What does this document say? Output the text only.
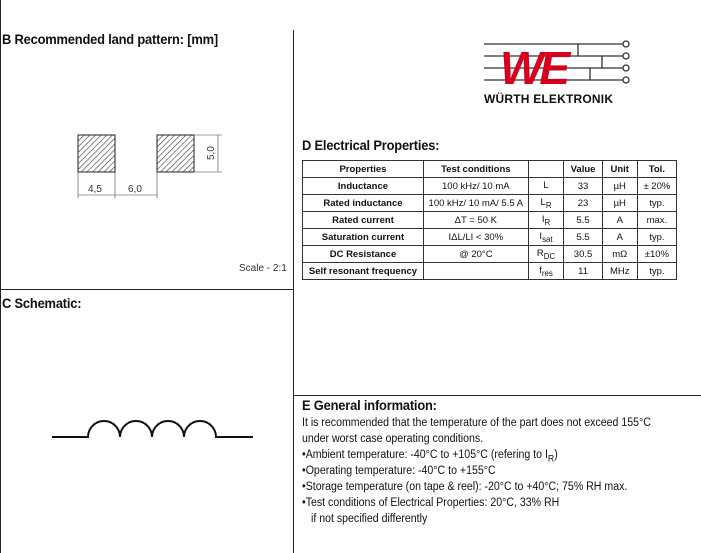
B Recommended land pattern: [mm]
C Schematic:
D Electrical Properties:
E General information:
4,5	6,0
5,0
Scale - 2:1
WE
WÜRTH ELEKTRONIK
Properties	Test conditions		Value	Unit	Tol.
Inductance	100 kHz/ 10 mA	L	33	µH	± 20%
Rated inductance	100 kHz/ 10 mA/ 5.5 A	$L_R$	23	µH	typ.
Rated current	ΔT = 50 K	$I_R$	5.5	A	max.
Saturation current	IΔL/LI < 30%	$I_{sat}$	5.5	A	typ.
DC Resistance	@ 20°C	$R_{DC}$	30.5	mΩ	±10%
Self resonant frequency		$f_{res}$	11	MHz	typ.
It is recommended that the temperature of the part does not exceed 155°C
under worst case operating conditions.
•Ambient temperature: -40°C to +105°C (refering to $I_R$)
•Operating temperature: -40°C to +155°C
•Storage temperature (on tape & reel): -20°C to +40°C; 75% RH max.
•Test conditions of Electrical Properties: 20°C, 33% RH
if not specified differently
